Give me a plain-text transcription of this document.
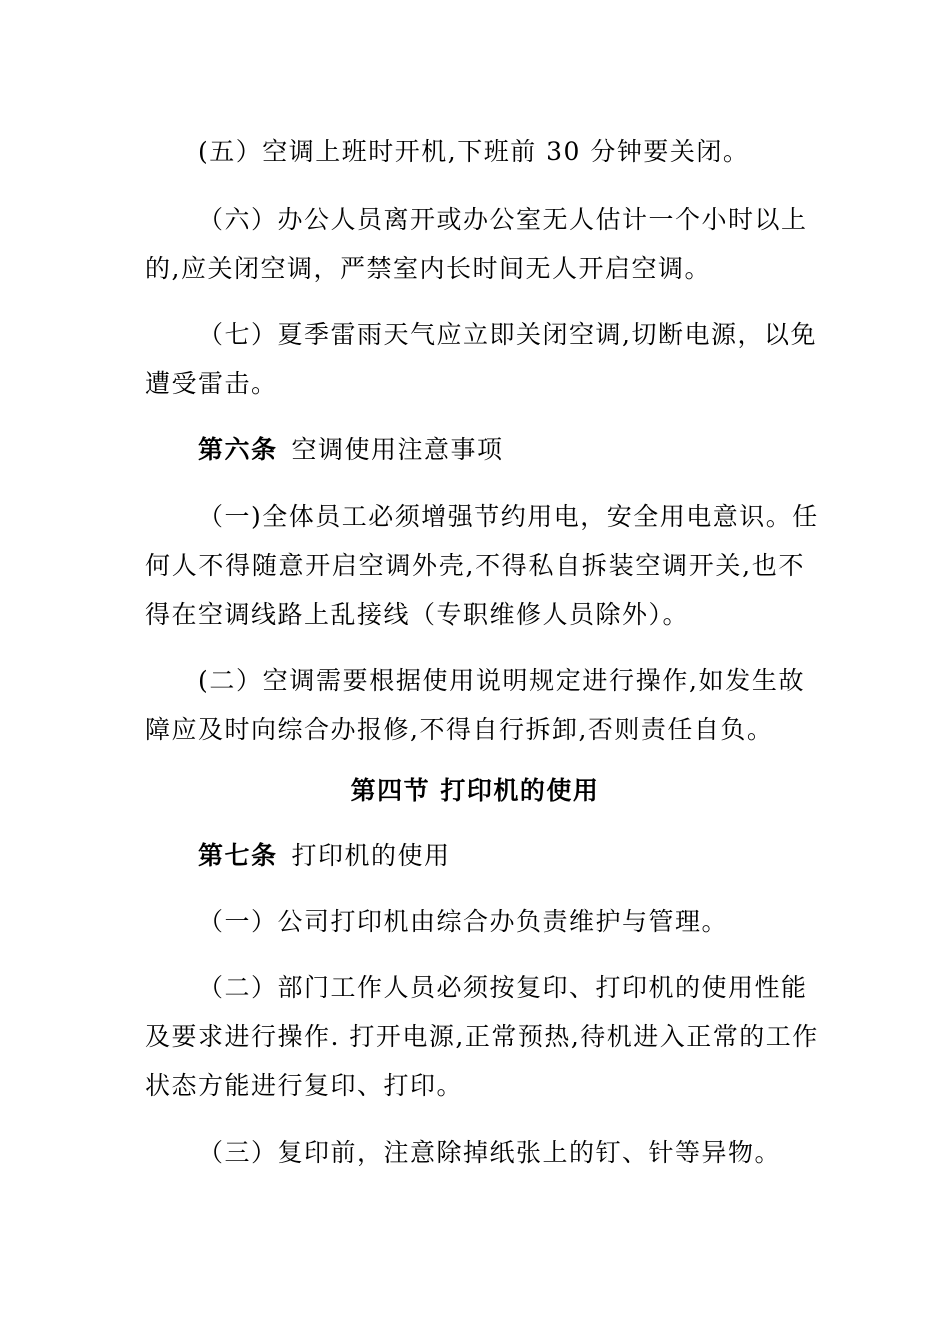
(五）空调上班时开机,下班前 30 分钟要关闭。
（六）办公人员离开或办公室无人估计一个小时以上
的,应关闭空调，严禁室内长时间无人开启空调。
（七）夏季雷雨天气应立即关闭空调,切断电源，以免
遭受雷击。
第六条 空调使用注意事项
（一)全体员工必须增强节约用电，安全用电意识。任
何人不得随意开启空调外壳,不得私自拆装空调开关,也不
得在空调线路上乱接线（专职维修人员除外）。
(二）空调需要根据使用说明规定进行操作,如发生故
障应及时向综合办报修,不得自行拆卸,否则责任自负。
第四节 打印机的使用
第七条 打印机的使用
（一）公司打印机由综合办负责维护与管理。
（二）部门工作人员必须按复印、打印机的使用性能
及要求进行操作. 打开电源,正常预热,待机进入正常的工作
状态方能进行复印、打印。
（三）复印前，注意除掉纸张上的钉、针等异物。
